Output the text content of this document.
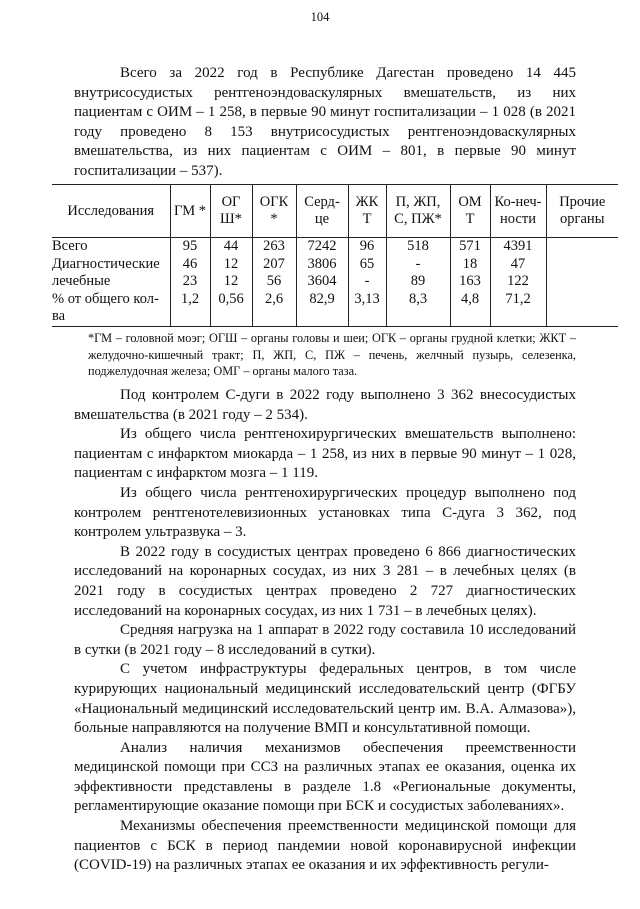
104

Всего за 2022 год в Республике Дагестан проведено 14 445 внутрисосудистых рентгеноэндоваскулярных вмешательств, из них пациентам с ОИМ – 1 258, в первые 90 минут госпитализации – 1 028 (в 2021 году проведено 8 153 внутрисосудистых рентгеноэндоваскулярных вмешательства, из них пациентам с ОИМ – 801, в первые 90 минут госпитализации – 537).

Исследования	ГМ *	ОГ Ш*	ОГК *	Серд-це	ЖК Т	П, ЖП, С, ПЖ*	ОМ Т	Ко-неч-ности	Прочие органы
Всего	95	44	263	7242	96	518	571	4391	
Диагностические	46	12	207	3806	65	-	18	47	
лечебные	23	12	56	3604	-	89	163	122	
% от общего кол-ва	1,2	0,56	2,6	82,9	3,13	8,3	4,8	71,2	
*ГМ – головной моэг; ОГШ – органы головы и шеи; ОГК – органы грудной клетки; ЖКТ – желудочно-кишечный тракт; П, ЖП, С, ПЖ – печень, желчный пузырь, селезенка, поджелудочная железа; ОМГ – органы малого таза.

Под контролем С-дуги в 2022 году выполнено 3 362 внесосудистых вмешательства (в 2021 году – 2 534).

Из общего числа рентгенохирургических вмешательств выполнено: пациентам с инфарктом миокарда – 1 258, из них в первые 90 минут – 1 028, пациентам с инфарктом мозга – 1 119.

Из общего числа рентгенохирургических процедур выполнено под контролем рентгенотелевизионных установках типа С-дуга 3 362, под контролем ультразвука – 3.

В 2022 году в сосудистых центрах проведено 6 866 диагностических исследований на коронарных сосудах, из них 3 281 – в лечебных целях (в 2021 году в сосудистых центрах проведено 2 727 диагностических исследований на коронарных сосудах, из них 1 731 – в лечебных целях).

Средняя нагрузка на 1 аппарат в 2022 году составила 10 исследований в сутки (в 2021 году – 8 исследований в сутки).

С учетом инфраструктуры федеральных центров, в том числе курирующих национальный медицинский исследовательский центр (ФГБУ «Национальный медицинский исследовательский центр им. В.А. Алмазова»), больные направляются на получение ВМП и консультативной помощи.

Анализ наличия механизмов обеспечения преемственности медицинской помощи при ССЗ на различных этапах ее оказания, оценка их эффективности представлены в разделе 1.8 «Региональные документы, регламентирующие оказание помощи при БСК и сосудистых заболеваниях».

Механизмы обеспечения преемственности медицинской помощи для пациентов с БСК в период пандемии новой коронавирусной инфекции (COVID-19) на различных этапах ее оказания и их эффективность регули-
